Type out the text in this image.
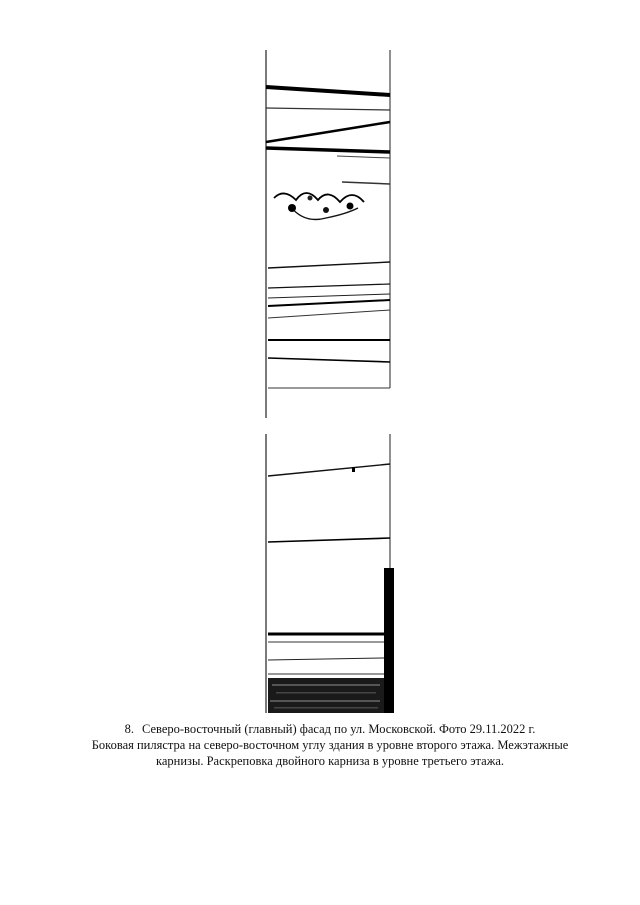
8. Северо-восточный (главный) фасад по ул. Московской. Фото 29.11.2022 г.
Боковая пилястра на северо-восточном углу здания в уровне второго этажа. Межэтажные
карнизы. Раскреповка двойного карниза в уровне третьего этажа.
